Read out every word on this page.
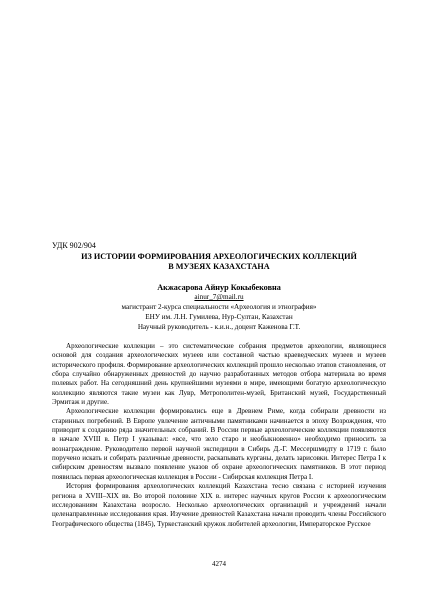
УДК 902/904
ИЗ ИСТОРИИ ФОРМИРОВАНИЯ АРХЕОЛОГИЧЕСКИХ КОЛЛЕКЦИЙ
В МУЗЕЯХ КАЗАХСТАНА
Акжасарова Айнур Кокыбековна
ainur_7@mail.ru
магистрант 2-курса специальности «Археология и этнография»
ЕНУ им. Л.Н. Гумилева, Нур-Султан, Казахстан
Научный руководитель - к.и.н., доцент Каженова Г.Т.

Археологические коллекции – это систематические собрания предметов археологии, являющиеся основой для создания археологических музеев или составной частью краеведческих музеев и музеев исторического профиля. Формирование археологических коллекций прошло несколько этапов становления, от сбора случайно обнаруженных древностей до научно разработанных методов отбора материала во время полевых работ. На сегодняшний день крупнейшими музеями в мире, имеющими богатую археологическую коллекцию являются такие музеи как Лувр, Метрополитен-музей, Британский музей, Государственный Эрмитаж и другие.

Археологические коллекции формировались еще в Древнем Риме, когда собирали древности из старинных погребений. В Европе увлечение античными памятниками начинается в эпоху Возрождения, что приводит к созданию ряда значительных собраний. В России первые археологические коллекции появляются в начале XVIII в. Петр I указывал: «все, что зело старо и необыкновенно» необходимо приносить за вознаграждение. Руководителю первой научной экспедиции в Сибирь Д.-Г. Мессершмидту в 1719 г. было поручено искать и собирать различные древности, раскапывать курганы, делать зарисовки. Интерес Петра I к сибирским древностям вызвало появление указов об охране археологических памятников. В этот период появилась первая археологическая коллекция в России - Сибирская коллекция Петра I.

История формирования археологических коллекций Казахстана тесно связана с историей изучения региона в XVIII–XIX вв. Во второй половине XIX в. интерес научных кругов России к археологическим исследованиям Казахстана возросло. Несколько археологических организаций и учреждений начали целенаправленные исследования края. Изучение древностей Казахстана начали проводить члены Российского Географического общества (1845), Туркестанский кружок любителей археологии, Императорское Русское

4274
